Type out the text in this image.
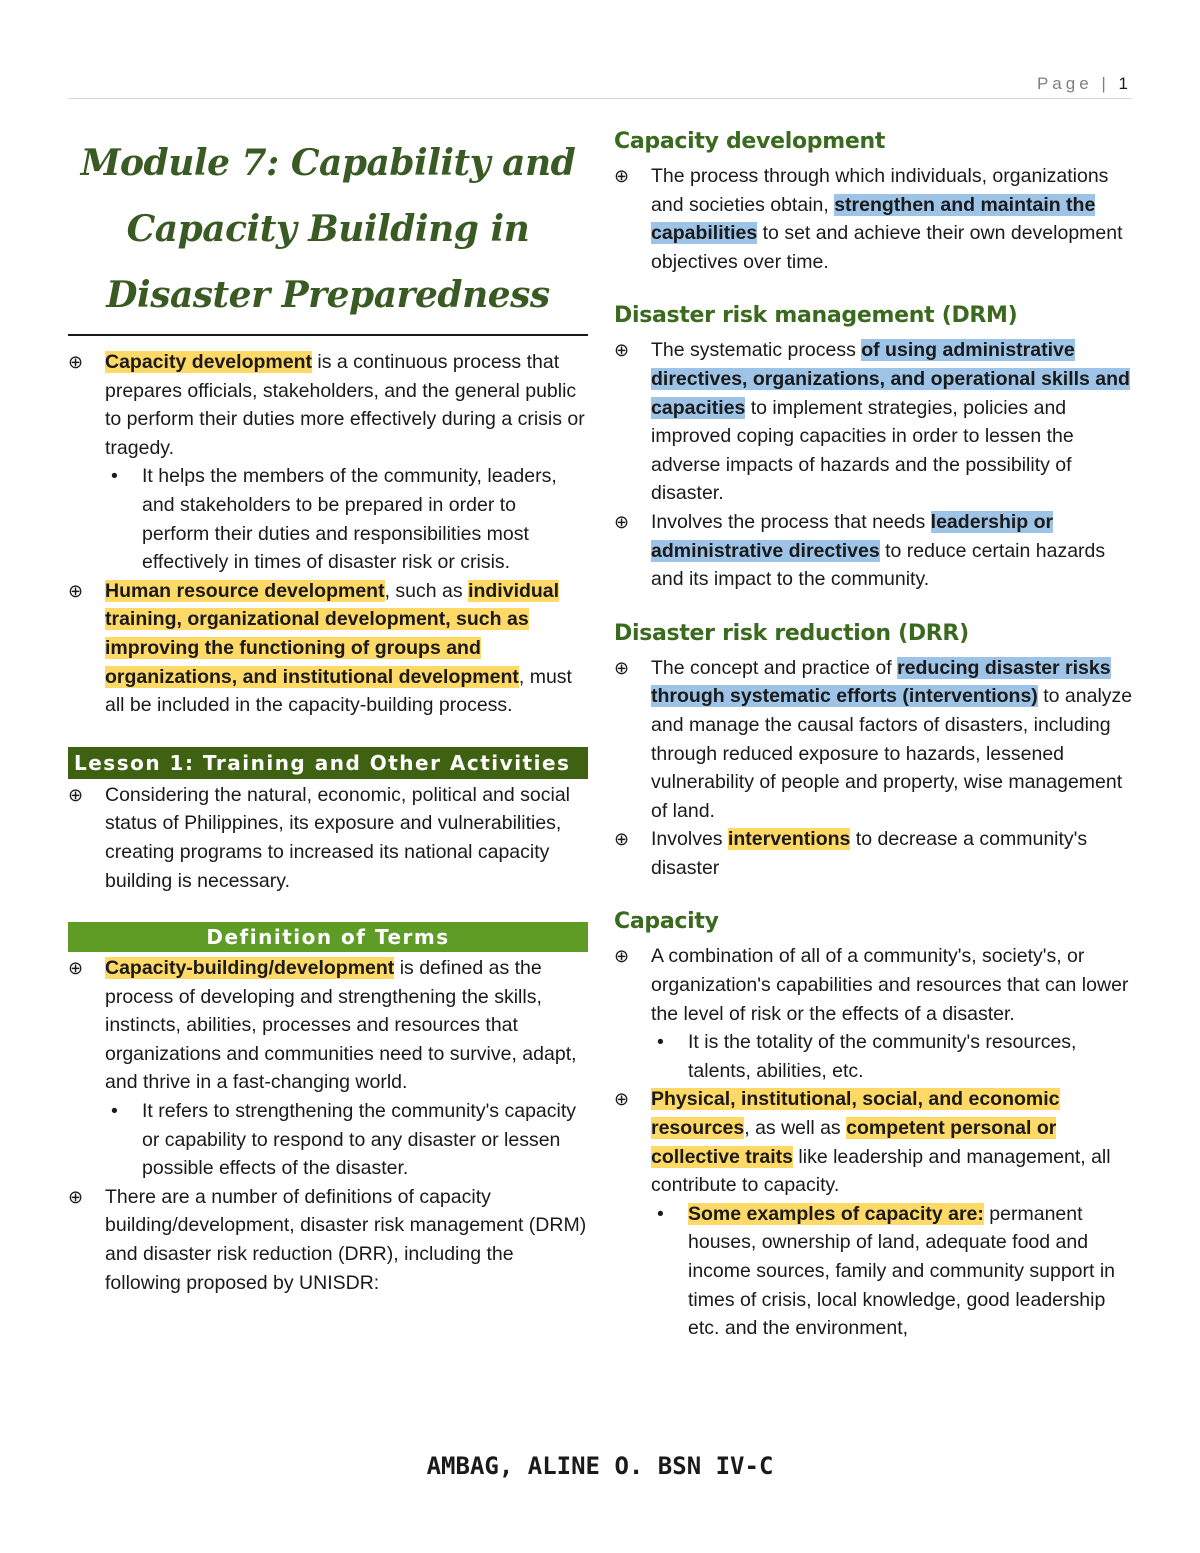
Page | 1
Module 7: Capability and
Capacity Building in
Disaster Preparedness

⊕ Capacity development is a continuous process that prepares officials, stakeholders, and the general public to perform their duties more effectively during a crisis or tragedy.

• It helps the members of the community, leaders, and stakeholders to be prepared in order to perform their duties and responsibilities most effectively in times of disaster risk or crisis.

⊕ Human resource development, such as individual training, organizational development, such as improving the functioning of groups and organizations, and institutional development, must all be included in the capacity-building process.

Lesson 1: Training and Other Activities

⊕ Considering the natural, economic, political and social status of Philippines, its exposure and vulnerabilities, creating programs to increased its national capacity building is necessary.

Definition of Terms

⊕ Capacity-building/development is defined as the process of developing and strengthening the skills, instincts, abilities, processes and resources that organizations and communities need to survive, adapt, and thrive in a fast-changing world.

• It refers to strengthening the community's capacity or capability to respond to any disaster or lessen possible effects of the disaster.

⊕ There are a number of definitions of capacity building/development, disaster risk management (DRM) and disaster risk reduction (DRR), including the following proposed by UNISDR:

Capacity development

⊕ The process through which individuals, organizations and societies obtain, strengthen and maintain the capabilities to set and achieve their own development objectives over time.

Disaster risk management (DRM)

⊕ The systematic process of using administrative directives, organizations, and operational skills and capacities to implement strategies, policies and improved coping capacities in order to lessen the adverse impacts of hazards and the possibility of disaster.

⊕ Involves the process that needs leadership or administrative directives to reduce certain hazards and its impact to the community.

Disaster risk reduction (DRR)

⊕ The concept and practice of reducing disaster risks through systematic efforts (interventions) to analyze and manage the causal factors of disasters, including through reduced exposure to hazards, lessened vulnerability of people and property, wise management of land.

⊕ Involves interventions to decrease a community's disaster

Capacity

⊕ A combination of all of a community's, society's, or organization's capabilities and resources that can lower the level of risk or the effects of a disaster.

• It is the totality of the community's resources, talents, abilities, etc.

⊕ Physical, institutional, social, and economic resources, as well as competent personal or collective traits like leadership and management, all contribute to capacity.

• Some examples of capacity are: permanent houses, ownership of land, adequate food and income sources, family and community support in times of crisis, local knowledge, good leadership etc. and the environment,

AMBAG, ALINE O. BSN IV-C
